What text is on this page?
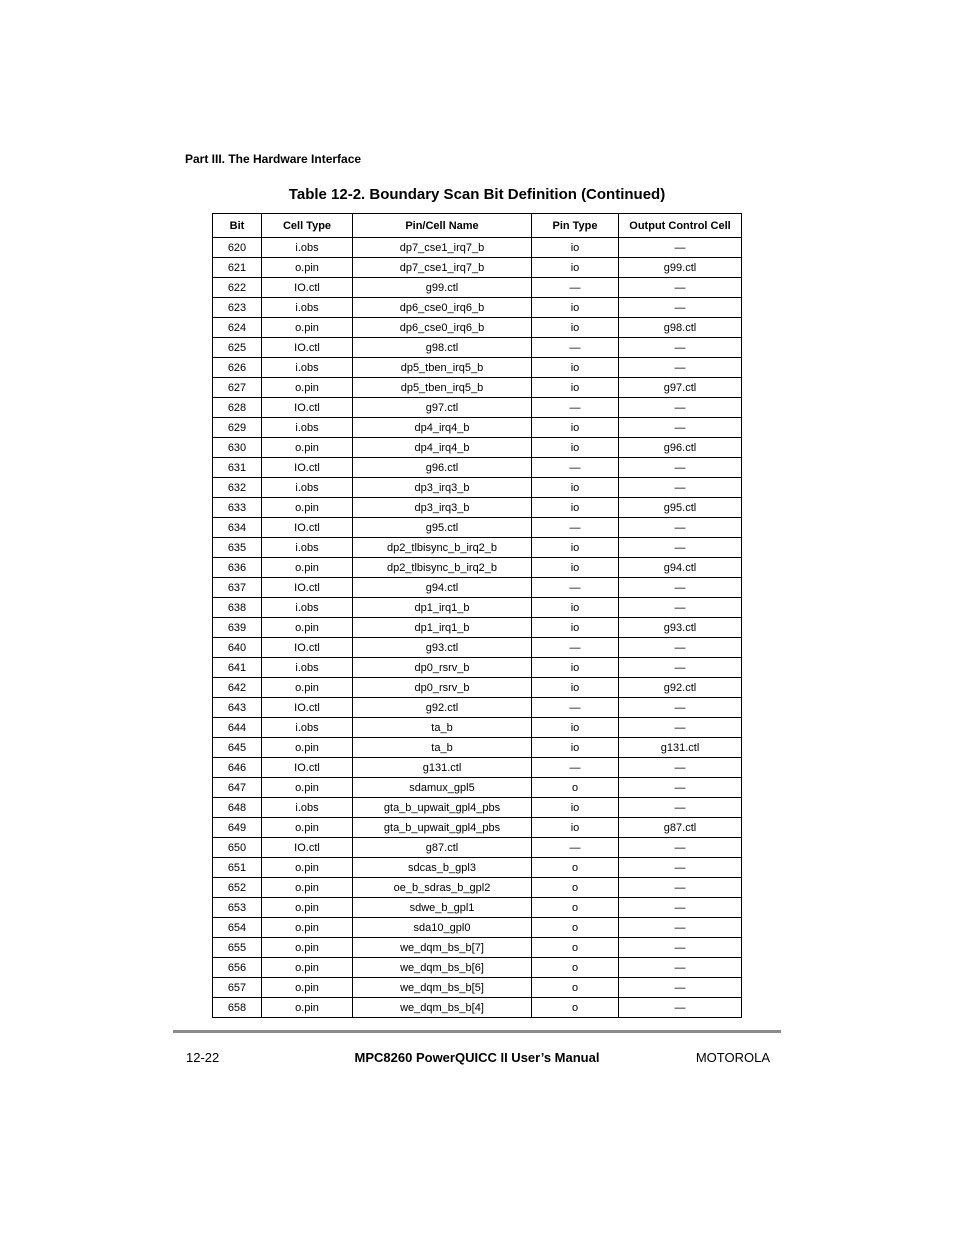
Part III. The Hardware Interface
Table 12-2. Boundary Scan Bit Definition (Continued)
Bit	Cell Type	Pin/Cell Name	Pin Type	Output Control Cell
620	i.obs	dp7_cse1_irq7_b	io	—
621	o.pin	dp7_cse1_irq7_b	io	g99.ctl
622	IO.ctl	g99.ctl	—	—
623	i.obs	dp6_cse0_irq6_b	io	—
624	o.pin	dp6_cse0_irq6_b	io	g98.ctl
625	IO.ctl	g98.ctl	—	—
626	i.obs	dp5_tben_irq5_b	io	—
627	o.pin	dp5_tben_irq5_b	io	g97.ctl
628	IO.ctl	g97.ctl	—	—
629	i.obs	dp4_irq4_b	io	—
630	o.pin	dp4_irq4_b	io	g96.ctl
631	IO.ctl	g96.ctl	—	—
632	i.obs	dp3_irq3_b	io	—
633	o.pin	dp3_irq3_b	io	g95.ctl
634	IO.ctl	g95.ctl	—	—
635	i.obs	dp2_tlbisync_b_irq2_b	io	—
636	o.pin	dp2_tlbisync_b_irq2_b	io	g94.ctl
637	IO.ctl	g94.ctl	—	—
638	i.obs	dp1_irq1_b	io	—
639	o.pin	dp1_irq1_b	io	g93.ctl
640	IO.ctl	g93.ctl	—	—
641	i.obs	dp0_rsrv_b	io	—
642	o.pin	dp0_rsrv_b	io	g92.ctl
643	IO.ctl	g92.ctl	—	—
644	i.obs	ta_b	io	—
645	o.pin	ta_b	io	g131.ctl
646	IO.ctl	g131.ctl	—	—
647	o.pin	sdamux_gpl5	o	—
648	i.obs	gta_b_upwait_gpl4_pbs	io	—
649	o.pin	gta_b_upwait_gpl4_pbs	io	g87.ctl
650	IO.ctl	g87.ctl	—	—
651	o.pin	sdcas_b_gpl3	o	—
652	o.pin	oe_b_sdras_b_gpl2	o	—
653	o.pin	sdwe_b_gpl1	o	—
654	o.pin	sda10_gpl0	o	—
655	o.pin	we_dqm_bs_b[7]	o	—
656	o.pin	we_dqm_bs_b[6]	o	—
657	o.pin	we_dqm_bs_b[5]	o	—
658	o.pin	we_dqm_bs_b[4]	o	—
12-22	MPC8260 PowerQUICC II User’s Manual	MOTOROLA
